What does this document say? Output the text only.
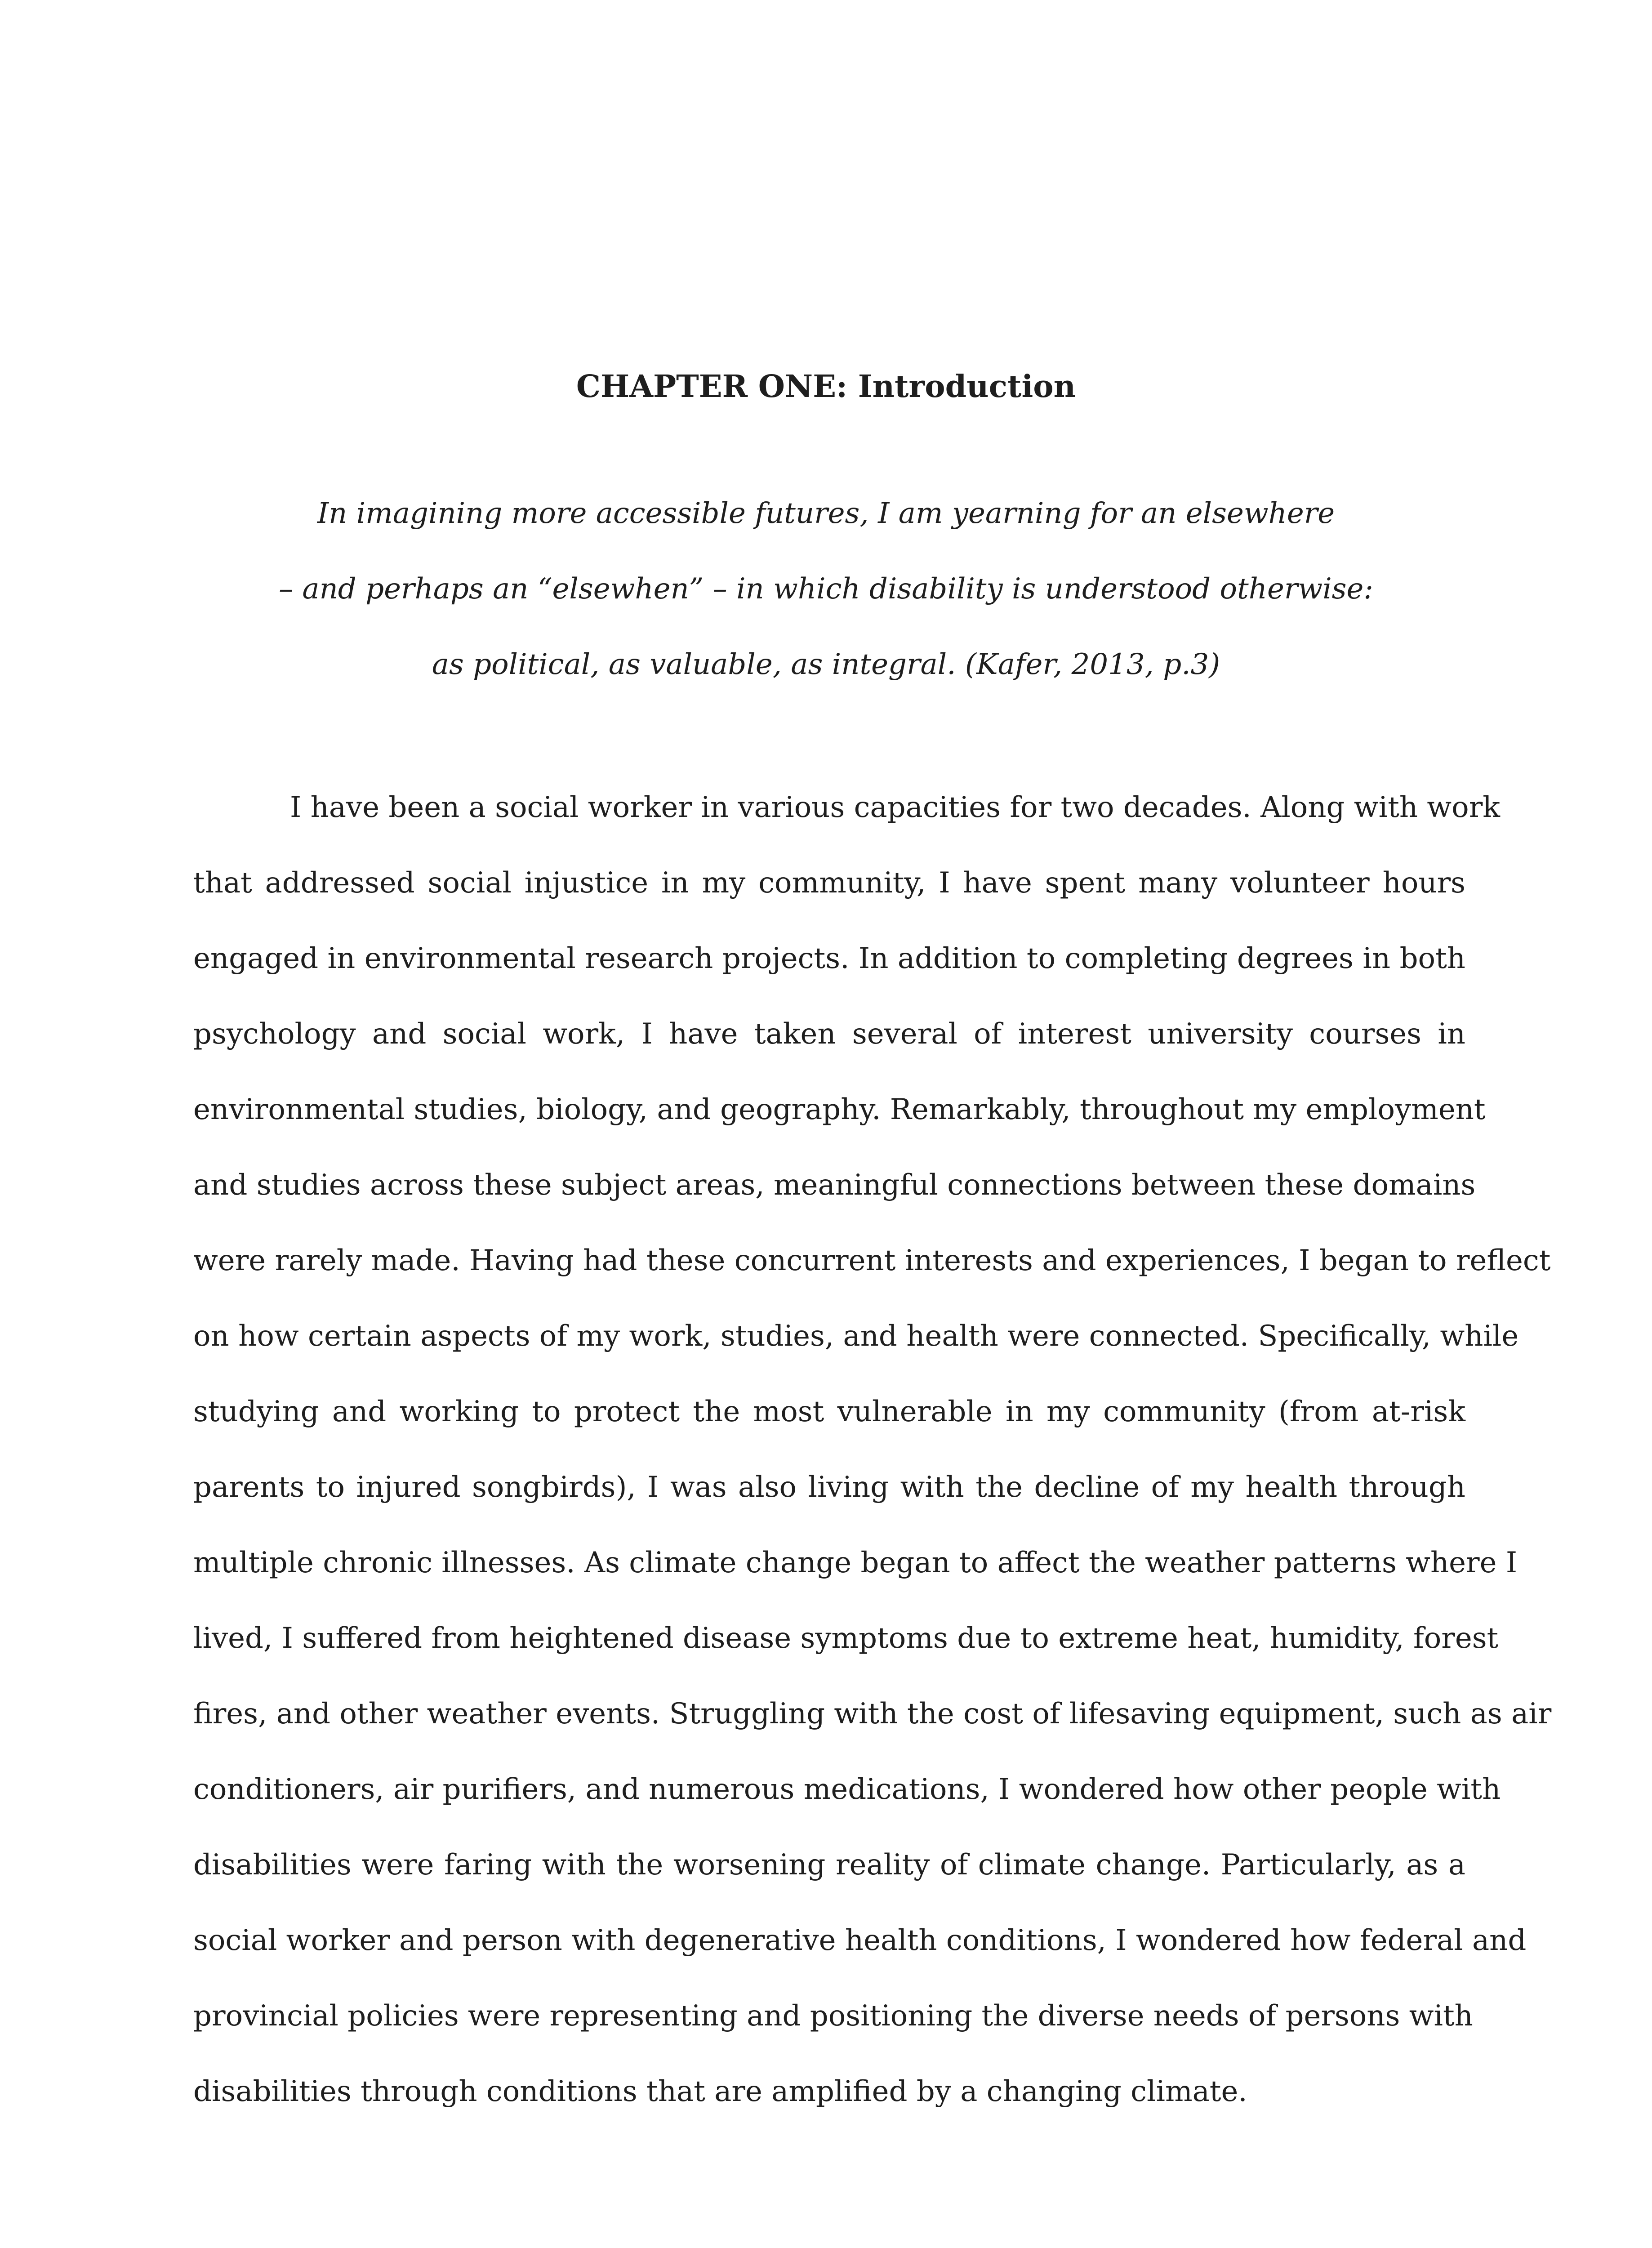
CHAPTER ONE: Introduction
In imagining more accessible futures, I am yearning for an elsewhere
– and perhaps an “elsewhen” – in which disability is understood otherwise:
as political, as valuable, as integral. (Kafer, 2013, p.3)

I have been a social worker in various capacities for two decades. Along with work
that addressed social injustice in my community, I have spent many volunteer hours
engaged in environmental research projects. In addition to completing degrees in both
psychology and social work, I have taken several of interest university courses in
environmental studies, biology, and geography. Remarkably, throughout my employment
and studies across these subject areas, meaningful connections between these domains
were rarely made. Having had these concurrent interests and experiences, I began to reflect
on how certain aspects of my work, studies, and health were connected. Specifically, while
studying and working to protect the most vulnerable in my community (from at-risk
parents to injured songbirds), I was also living with the decline of my health through
multiple chronic illnesses. As climate change began to affect the weather patterns where I
lived, I suffered from heightened disease symptoms due to extreme heat, humidity, forest
fires, and other weather events. Struggling with the cost of lifesaving equipment, such as air
conditioners, air purifiers, and numerous medications, I wondered how other people with
disabilities were faring with the worsening reality of climate change. Particularly, as a
social worker and person with degenerative health conditions, I wondered how federal and
provincial policies were representing and positioning the diverse needs of persons with
disabilities through conditions that are amplified by a changing climate.
